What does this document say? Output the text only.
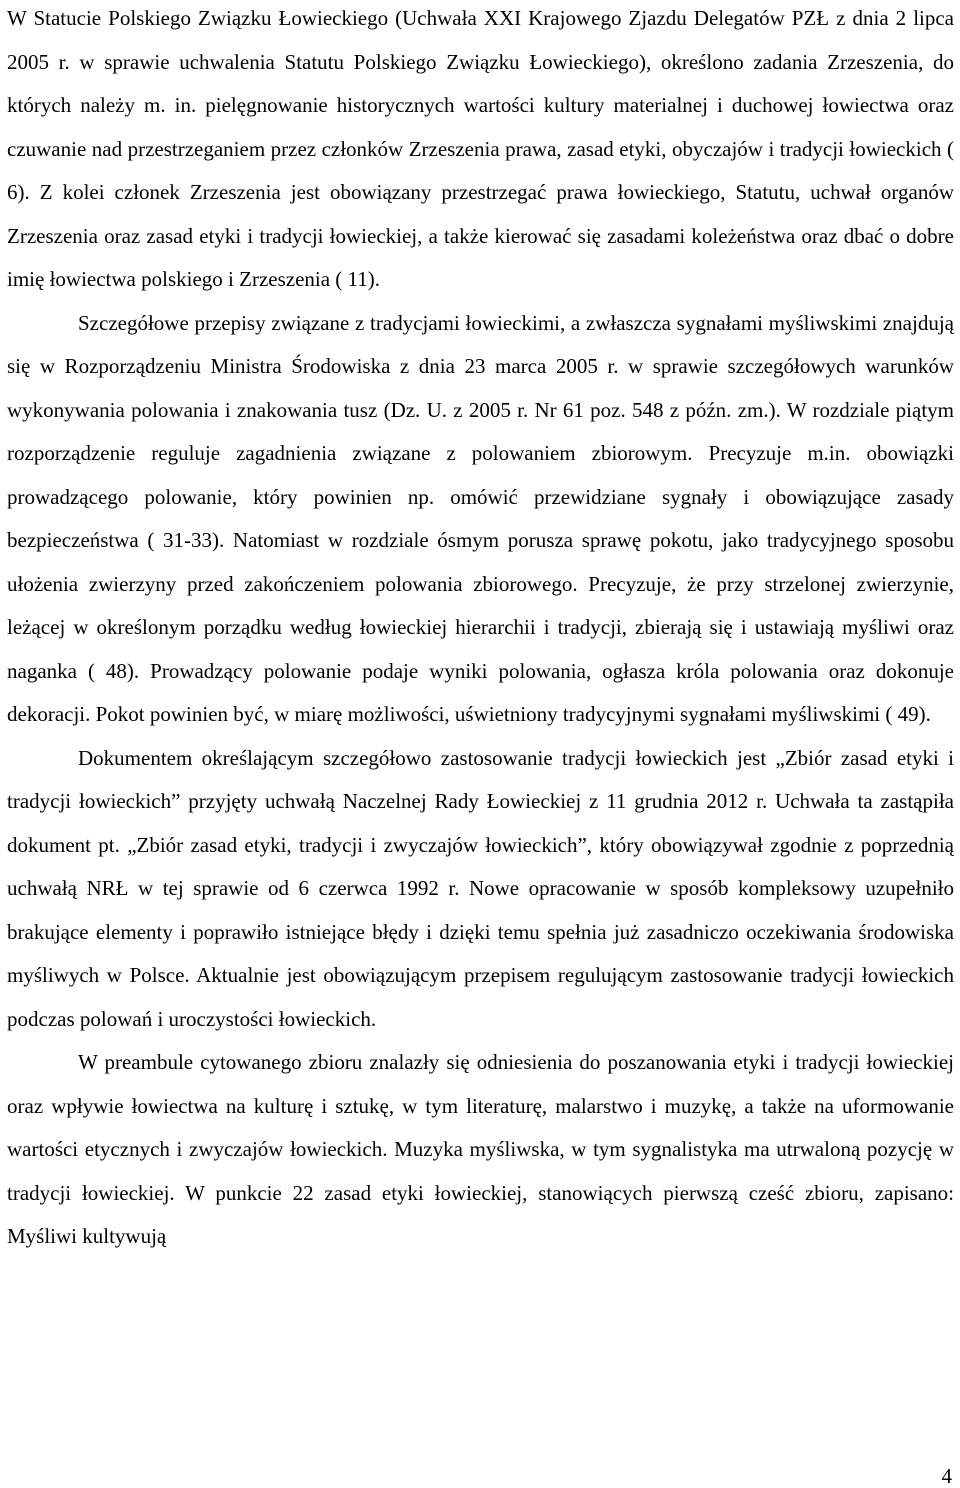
W Statucie Polskiego Związku Łowieckiego (Uchwała XXI Krajowego Zjazdu Delegatów PZŁ z dnia 2 lipca 2005 r. w sprawie uchwalenia Statutu Polskiego Związku Łowieckiego), określono zadania Zrzeszenia, do których należy m. in. pielęgnowanie historycznych wartości kultury materialnej i duchowej łowiectwa oraz czuwanie nad przestrzeganiem przez członków Zrzeszenia prawa, zasad etyki, obyczajów i tradycji łowieckich ( 6). Z kolei członek Zrzeszenia jest obowiązany przestrzegać prawa łowieckiego, Statutu, uchwał organów Zrzeszenia oraz zasad etyki i tradycji łowieckiej, a także kierować się zasadami koleżeństwa oraz dbać o dobre imię łowiectwa polskiego i Zrzeszenia ( 11).

Szczegółowe przepisy związane z tradycjami łowieckimi, a zwłaszcza sygnałami myśliwskimi znajdują się w Rozporządzeniu Ministra Środowiska z dnia 23 marca 2005 r. w sprawie szczegółowych warunków wykonywania polowania i znakowania tusz (Dz. U. z 2005 r. Nr 61 poz. 548 z późn. zm.). W rozdziale piątym rozporządzenie reguluje zagadnienia związane z polowaniem zbiorowym. Precyzuje m.in. obowiązki prowadzącego polowanie, który powinien np. omówić przewidziane sygnały i obowiązujące zasady bezpieczeństwa ( 31-33). Natomiast w rozdziale ósmym porusza sprawę pokotu, jako tradycyjnego sposobu ułożenia zwierzyny przed zakończeniem polowania zbiorowego. Precyzuje, że przy strzelonej zwierzynie, leżącej w określonym porządku według łowieckiej hierarchii i tradycji, zbierają się i ustawiają myśliwi oraz naganka ( 48). Prowadzący polowanie podaje wyniki polowania, ogłasza króla polowania oraz dokonuje dekoracji. Pokot powinien być, w miarę możliwości, uświetniony tradycyjnymi sygnałami myśliwskimi ( 49).

Dokumentem określającym szczegółowo zastosowanie tradycji łowieckich jest „Zbiór zasad etyki i tradycji łowieckich” przyjęty uchwałą Naczelnej Rady Łowieckiej z 11 grudnia 2012 r. Uchwała ta zastąpiła dokument pt. „Zbiór zasad etyki, tradycji i zwyczajów łowieckich”, który obowiązywał zgodnie z poprzednią uchwałą NRŁ w tej sprawie od 6 czerwca 1992 r. Nowe opracowanie w sposób kompleksowy uzupełniło brakujące elementy i poprawiło istniejące błędy i dzięki temu spełnia już zasadniczo oczekiwania środowiska myśliwych w Polsce. Aktualnie jest obowiązującym przepisem regulującym zastosowanie tradycji łowieckich podczas polowań i uroczystości łowieckich.

W preambule cytowanego zbioru znalazły się odniesienia do poszanowania etyki i tradycji łowieckiej oraz wpływie łowiectwa na kulturę i sztukę, w tym literaturę, malarstwo i muzykę, a także na uformowanie wartości etycznych i zwyczajów łowieckich. Muzyka myśliwska, w tym sygnalistyka ma utrwaloną pozycję w tradycji łowieckiej. W punkcie 22 zasad etyki łowieckiej, stanowiących pierwszą cześć zbioru, zapisano: Myśliwi kultywują

4
